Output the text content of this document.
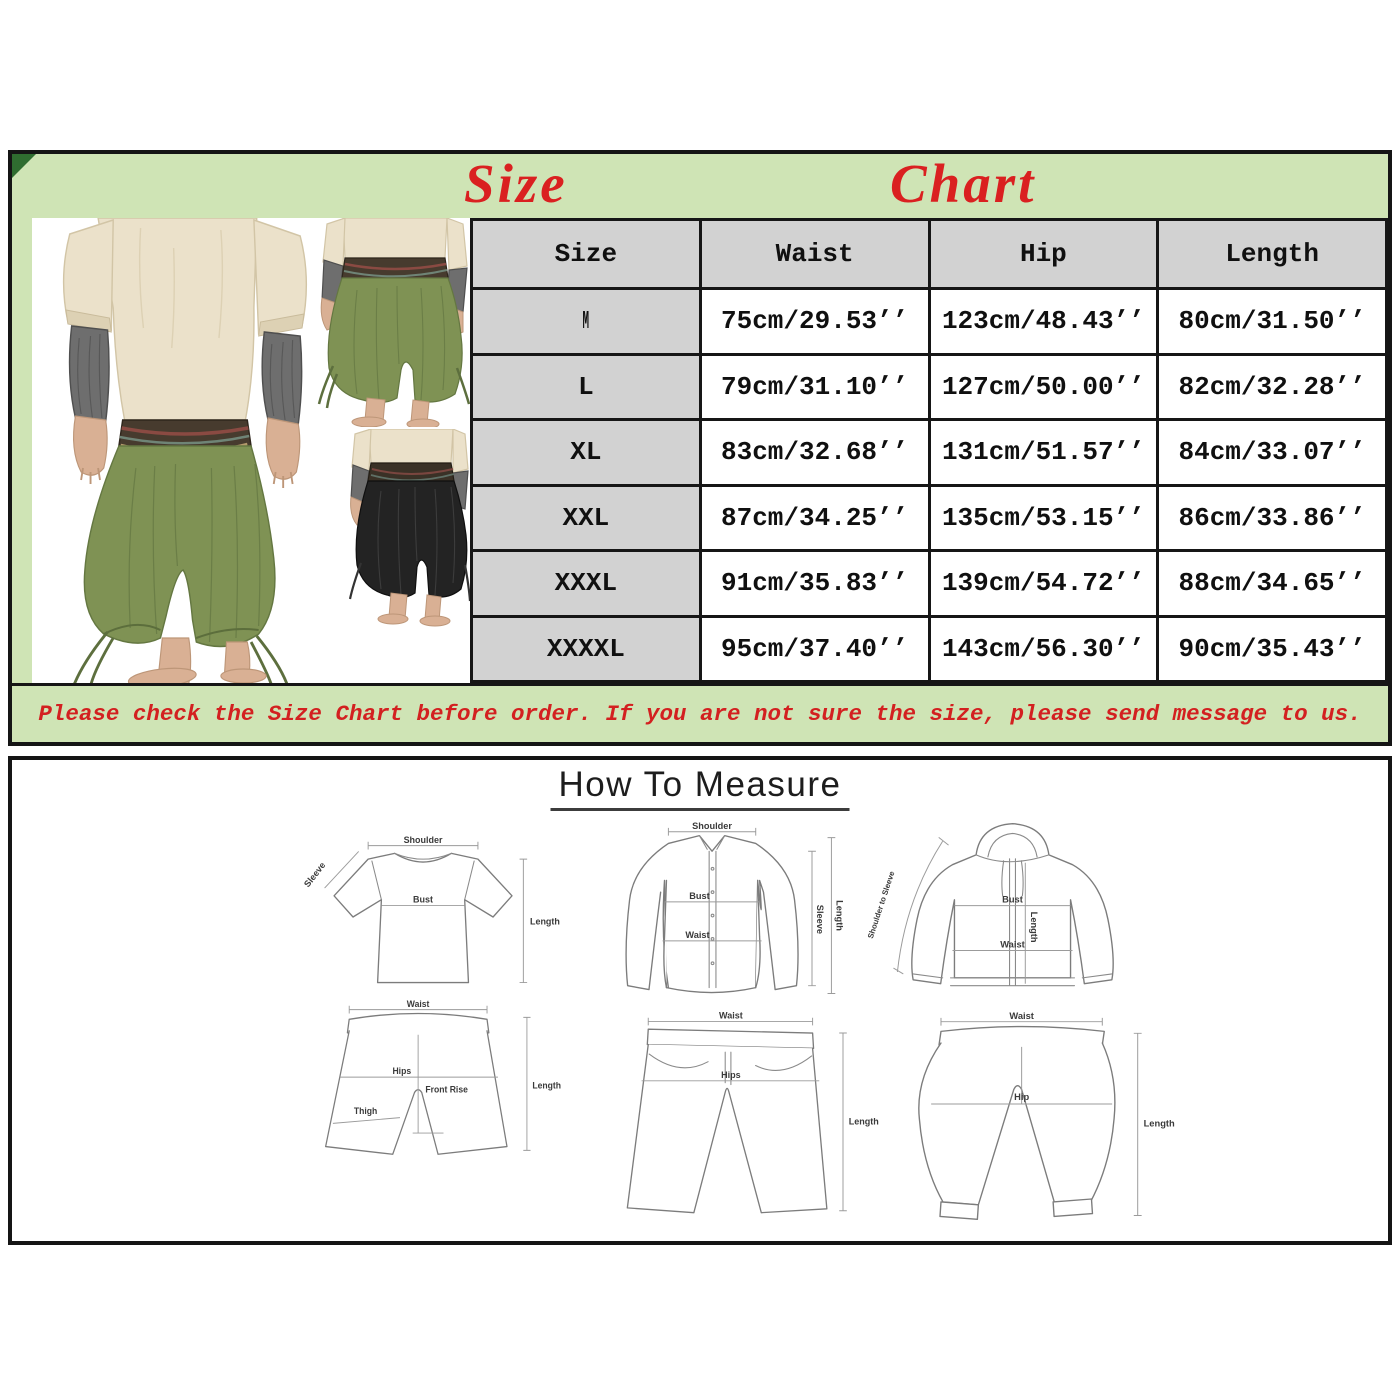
Size	Chart
Size	Waist	Hip	Length
M	75cm/29.53’’	123cm/48.43’’	80cm/31.50’’
L	79cm/31.10’’	127cm/50.00’’	82cm/32.28’’
XL	83cm/32.68’’	131cm/51.57’’	84cm/33.07’’
XXL	87cm/34.25’’	135cm/53.15’’	86cm/33.86’’
XXXL	91cm/35.83’’	139cm/54.72’’	88cm/34.65’’
XXXXL	95cm/37.40’’	143cm/56.30’’	90cm/35.43’’
Please check the Size Chart before order. If you are not sure the size, please send message to us.
How To Measure
Shoulder
Sleeve
Bust
Length
Waist
Hips
Front Rise
Thigh
Length
Shoulder
Bust
Waist
Sleeve Length
Waist
Hips
Length
Bust
Waist
Length
Shoulder to Sleeve
Waist
Hip
Length
